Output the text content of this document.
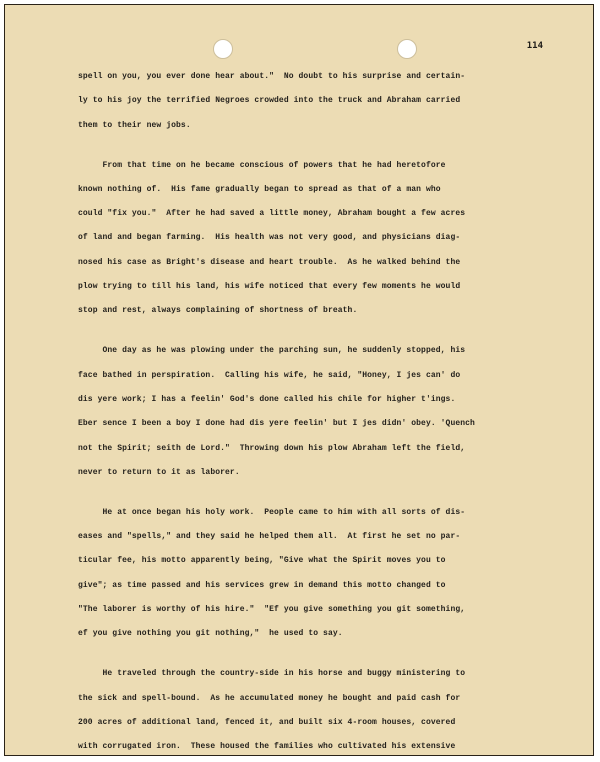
114
spell on you, you ever done hear about."  No doubt to his surprise and certain-
ly to his joy the terrified Negroes crowded into the truck and Abraham carried
them to their new jobs.
From that time on he became conscious of powers that he had heretofore
known nothing of.  His fame gradually began to spread as that of a man who
could "fix you."  After he had saved a little money, Abraham bought a few acres
of land and began farming.  His health was not very good, and physicians diag-
nosed his case as Bright's disease and heart trouble.  As he walked behind the
plow trying to till his land, his wife noticed that every few moments he would
stop and rest, always complaining of shortness of breath.
One day as he was plowing under the parching sun, he suddenly stopped, his
face bathed in perspiration.  Calling his wife, he said, "Honey, I jes can' do
dis yere work; I has a feelin' God's done called his chile for higher t'ings.
Eber sence I been a boy I done had dis yere feelin' but I jes didn' obey. 'Quench
not the Spirit; seith de Lord."  Throwing down his plow Abraham left the field,
never to return to it as laborer.
He at once began his holy work.  People came to him with all sorts of dis-
eases and "spells," and they said he helped them all.  At first he set no par-
ticular fee, his motto apparently being, "Give what the Spirit moves you to
give"; as time passed and his services grew in demand this motto changed to
"The laborer is worthy of his hire."  "Ef you give something you git something,
ef you give nothing you git nothing,"  he used to say.
He traveled through the country-side in his horse and buggy ministering to
the sick and spell-bound.  As he accumulated money he bought and paid cash for
200 acres of additional land, fenced it, and built six 4-room houses, covered
with corrugated iron.  These housed the families who cultivated his extensive
